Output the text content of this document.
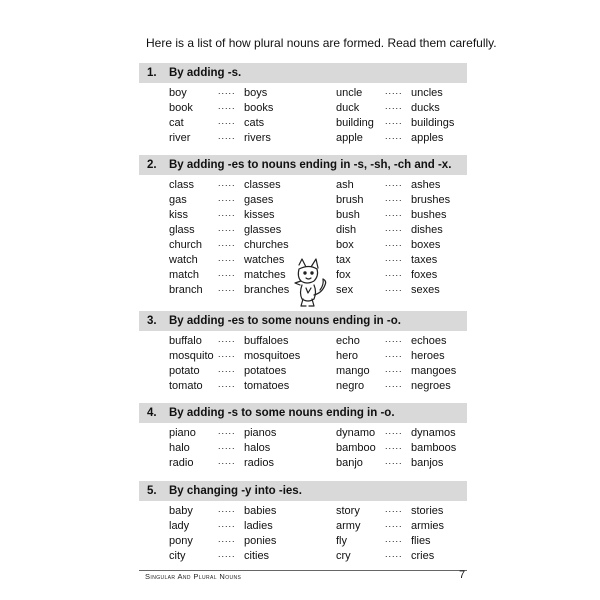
Here is a list of how plural nouns are formed. Read them carefully.
1.	By adding -s.
boy	..... boys	uncle	..... uncles
book	..... books	duck	..... ducks
cat	..... cats	building ..... buildings
river	..... rivers	apple ..... apples
2.	By adding -es to nouns ending in -s, -sh, -ch and -x.
class	..... classes	ash	..... ashes
gas	..... gases	brush ..... brushes
kiss	..... kisses	bush	..... bushes
glass	..... glasses	dish	..... dishes
church ..... churches	box	..... boxes
watch ..... watches	tax	..... taxes
match ..... matches	fox	..... foxes
branch ..... branches	sex	..... sexes
3.	By adding -es to some nouns ending in -o.
buffalo ..... buffaloes	echo	..... echoes
mosquito ..... mosquitoes	hero	..... heroes
potato ..... potatoes	mango ..... mangoes
tomato ..... tomatoes	negro ..... negroes
4.	By adding -s to some nouns ending in -o.
piano ..... pianos	dynamo ..... dynamos
halo	..... halos	bamboo ..... bamboos
radio	..... radios	banjo ..... banjos
5.	By changing -y into -ies.
baby	..... babies	story	..... stories
lady	..... ladies	army	..... armies
pony	..... ponies	fly	..... flies
city	..... cities	cry	..... cries
Singular And Plural Nouns	7
